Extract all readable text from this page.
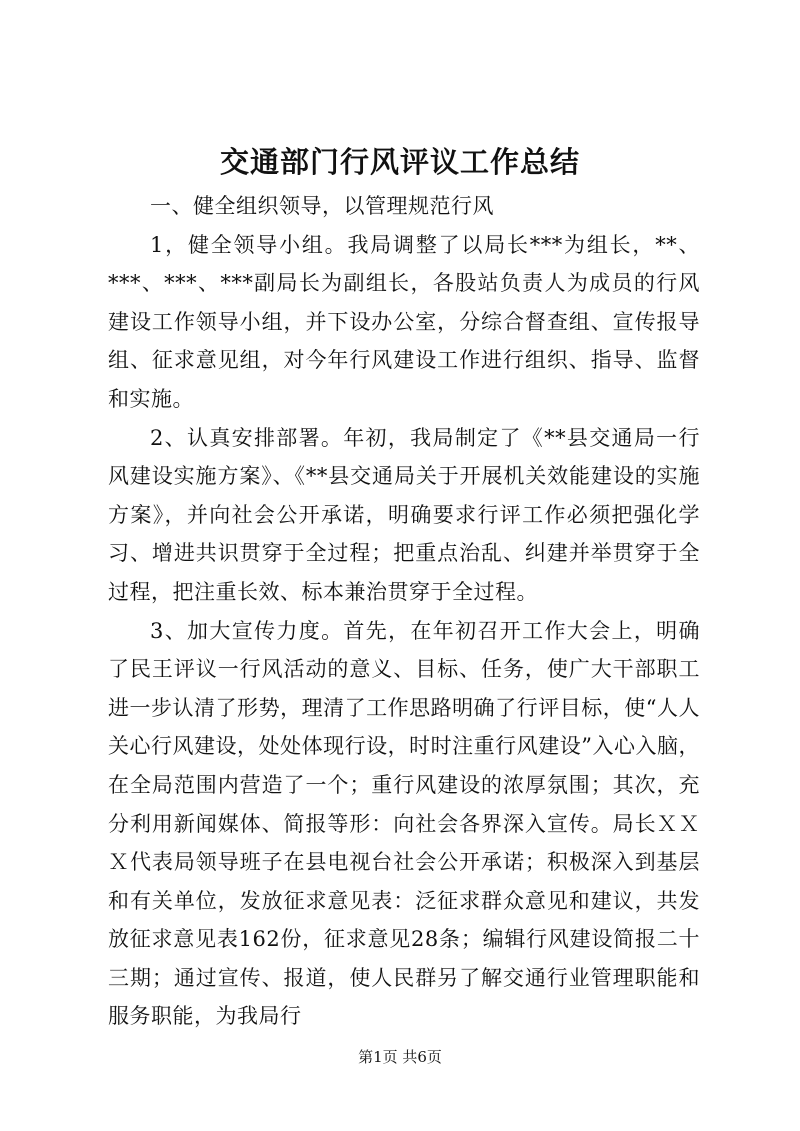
交通部门行风评议工作总结

一、健全组织领导，以管理规范行风

1，健全领导小组。我局调整了以局长***为组长，**、***、***、***副局长为副组长，各股站负责人为成员的行风建设工作领导小组，并下设办公室，分综合督查组、宣传报导组、征求意见组，对今年行风建设工作进行组织、指导、监督和实施。

2、认真安排部署。年初，我局制定了《**县交通局一行风建设实施方案》、《**县交通局关于开展机关效能建设的实施方案》，并向社会公开承诺，明确要求行评工作必须把强化学习、增进共识贯穿于全过程；把重点治乱、纠建并举贯穿于全过程，把注重长效、标本兼治贯穿于全过程。

3、加大宣传力度。首先，在年初召开工作大会上，明确了民王评议一行风活动的意义、目标、任务，使广大干部职工进一步认清了形势，理清了工作思路明确了行评目标，使“人人关心行风建设，处处体现行设，时时注重行风建设”入心入脑，在全局范围内营造了一个；重行风建设的浓厚氛围；其次，充分利用新闻媒体、简报等形：向社会各界深入宣传。局长ＸＸＸ代表局领导班子在县电视台社会公开承诺；积极深入到基层和有关单位，发放征求意见表：泛征求群众意见和建议，共发放征求意见表162份，征求意见28条；编辑行风建设简报二十三期；通过宣传、报道，使人民群另了解交通行业管理职能和服务职能，为我局行

第1页 共6页
